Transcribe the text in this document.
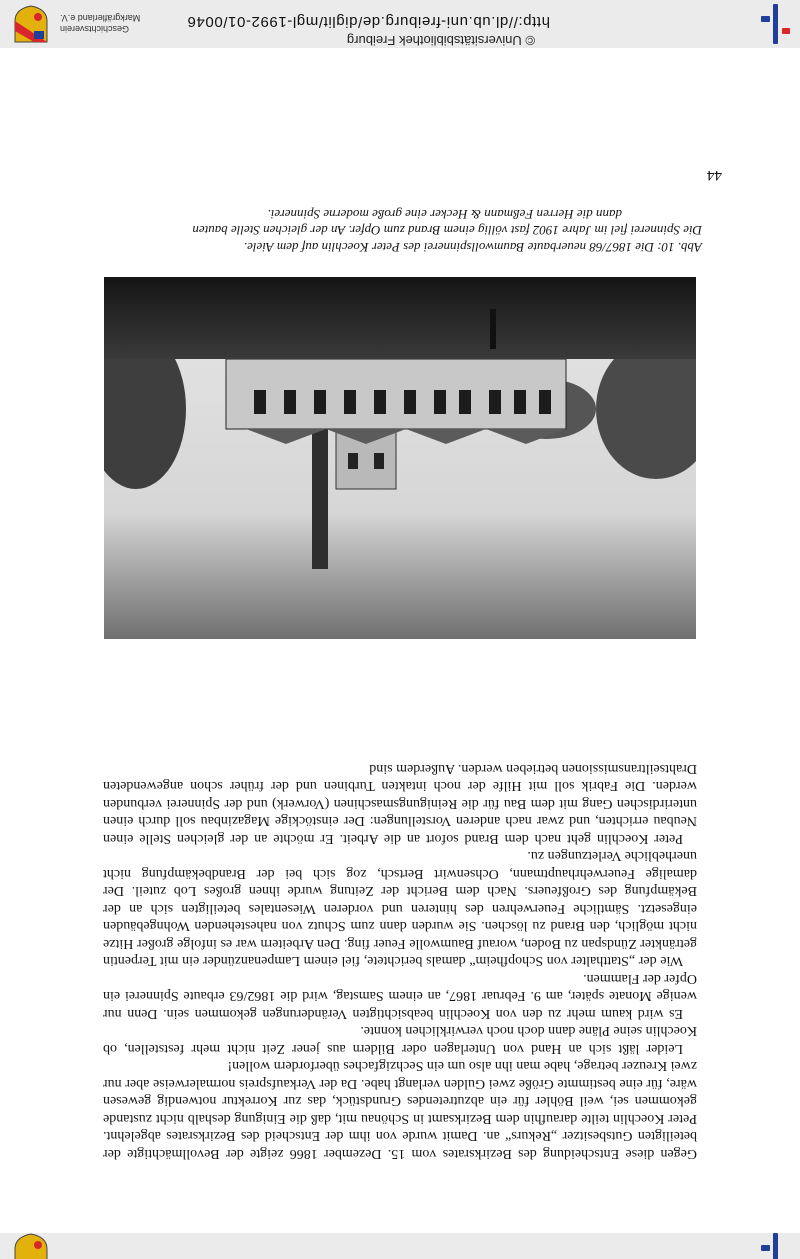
http://dl.ub.uni-freiburg.de/diglit/mgl-1992-01/0046
© Universitätsbibliothek Freiburg
Geschichtsverein
Markgräflerland e.V.
44
Abb. 10: Die 1867/68 neuerbaute Baumwollspinnerei des Peter Koechlin auf dem Aiele.
Die Spinnerei fiel im Jahre 1902 fast völlig einem Brand zum Opfer. An der gleichen Stelle bauten
dann die Herren Feßmann & Hecker eine große moderne Spinnerei.

Gegen diese Entscheidung des Bezirksrates vom 15. Dezember 1866 zeigte der Bevollmächtigte der beteiligten Gutsbesitzer „Rekurs“ an. Damit wurde von ihm der Entscheid des Bezirksrates abgelehnt. Peter Koechlin teilte daraufhin dem Bezirksamt in Schönau mit, daß die Einigung deshalb nicht zustande gekommen sei, weil Böhler für ein abzutretendes Grundstück, das zur Korrektur notwendig gewesen wäre, für eine bestimmte Größe zwei Gulden verlangt habe. Da der Verkaufspreis normalerweise aber nur zwei Kreuzer betrage, habe man ihn also um ein Sechzigfaches überfordern wollen!

Leider läßt sich an Hand von Unterlagen oder Bildern aus jener Zeit nicht mehr feststellen, ob Koechlin seine Pläne dann doch noch verwirklichen konnte.

Es wird kaum mehr zu den von Koechlin beabsichtigten Veränderungen gekommen sein. Denn nur wenige Monate später, am 9. Februar 1867, an einem Samstag, wird die 1862/63 erbaute Spinnerei ein Opfer der Flammen.

Wie der „Statthalter von Schopfheim“ damals berichtete, fiel einem Lampenanzünder ein mit Terpentin getränkter Zündspan zu Boden, worauf Baumwolle Feuer fing. Den Arbeitern war es infolge großer Hitze nicht möglich, den Brand zu löschen. Sie wurden dann zum Schutz von nahestehenden Wohngebäuden eingesetzt. Sämtliche Feuerwehren des hinteren und vorderen Wiesentales beteiligten sich an der Bekämpfung des Großfeuers. Nach dem Bericht der Zeitung wurde ihnen großes Lob zuteil. Der damalige Feuerwehrhauptmann, Ochsenwirt Bertsch, zog sich bei der Brandbekämpfung nicht unerhebliche Verletzungen zu.

Peter Koechlin geht nach dem Brand sofort an die Arbeit. Er möchte an der gleichen Stelle einen Neubau errichten, und zwar nach anderen Vorstellungen: Der einstöckige Magazinbau soll durch einen unterirdischen Gang mit dem Bau für die Reinigungsmaschinen (Vorwerk) und der Spinnerei verbunden werden. Die Fabrik soll mit Hilfe der noch intakten Turbinen und der früher schon angewendeten Drahtseiltransmissionen betrieben werden. Außerdem sind
